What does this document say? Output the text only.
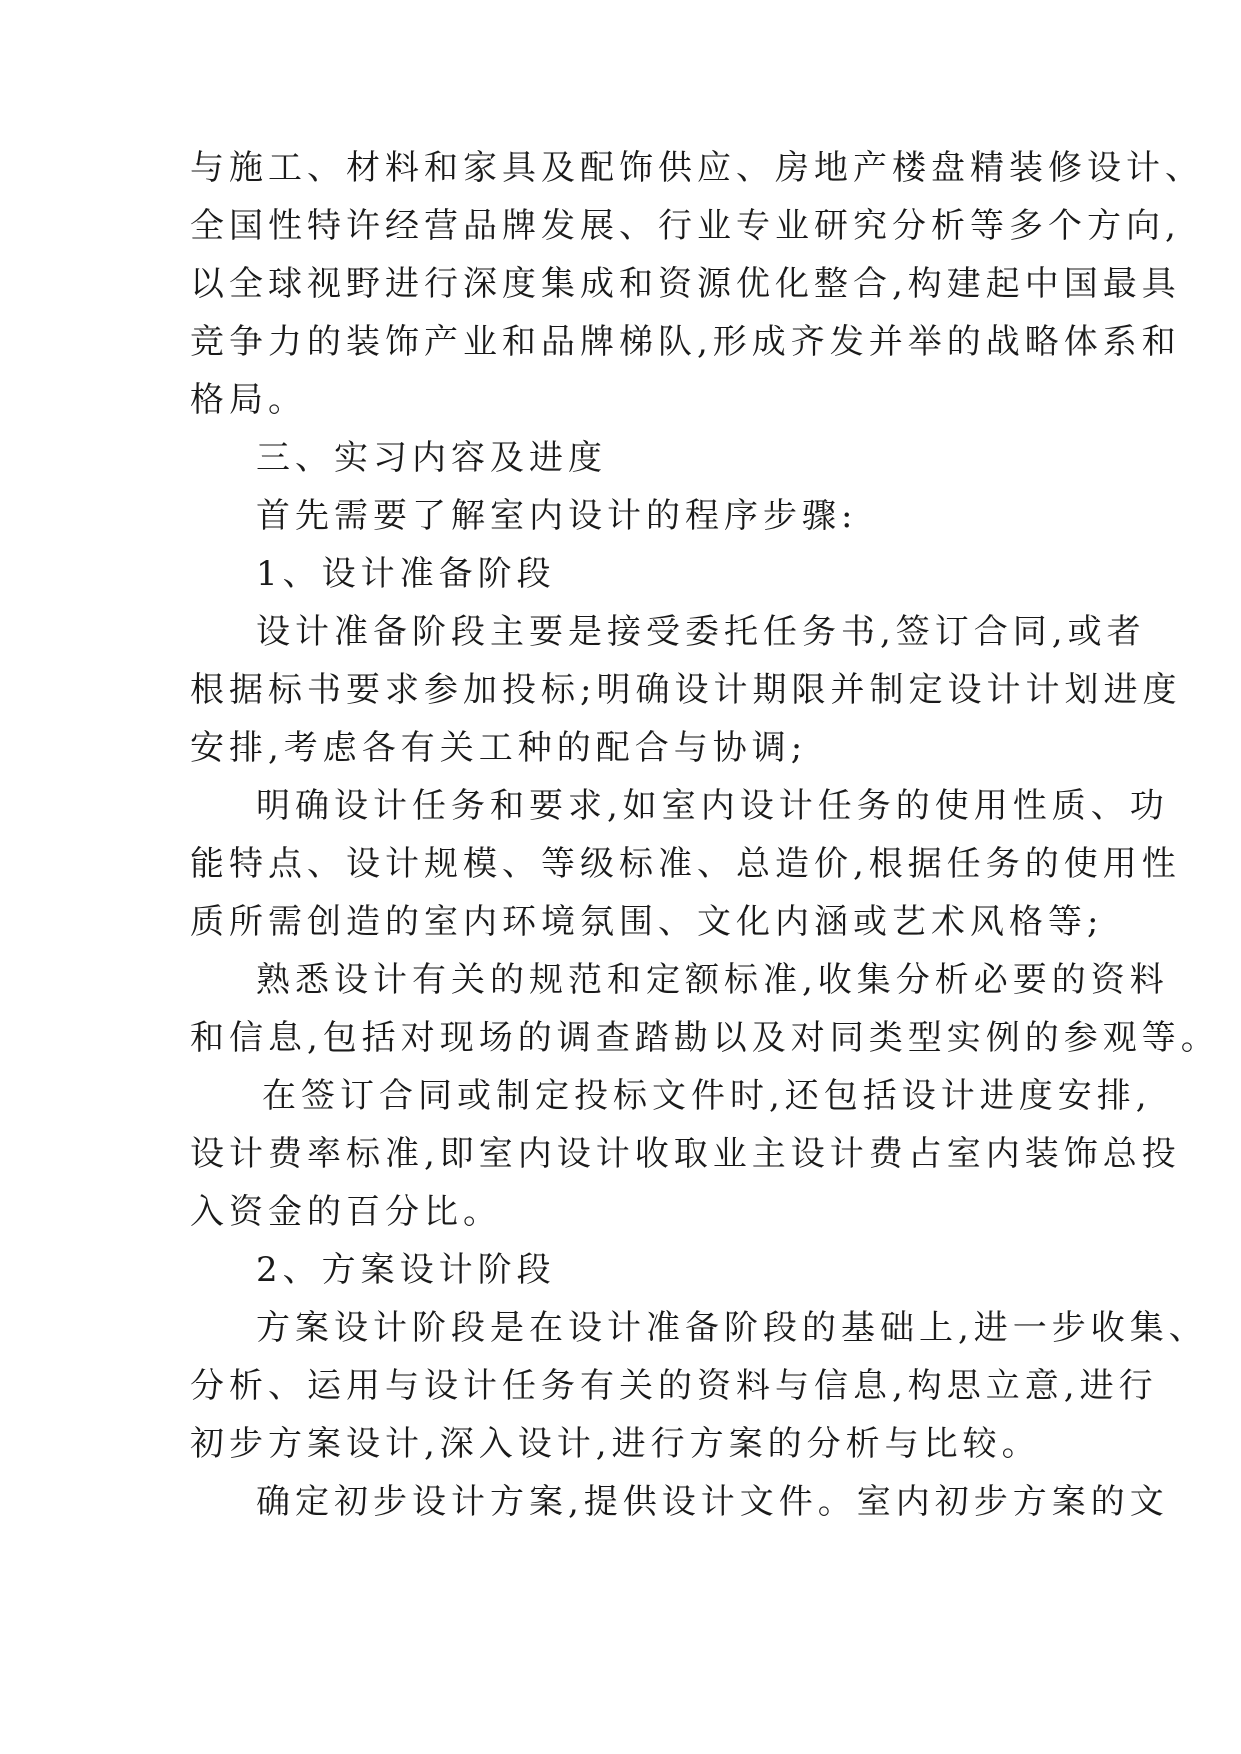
与施工、材料和家具及配饰供应、房地产楼盘精装修设计、
全国性特许经营品牌发展、行业专业研究分析等多个方向,
以全球视野进行深度集成和资源优化整合,构建起中国最具
竞争力的装饰产业和品牌梯队,形成齐发并举的战略体系和
格局。
三、实习内容及进度
首先需要了解室内设计的程序步骤:
1、设计准备阶段
设计准备阶段主要是接受委托任务书,签订合同,或者
根据标书要求参加投标;明确设计期限并制定设计计划进度
安排,考虑各有关工种的配合与协调;
明确设计任务和要求,如室内设计任务的使用性质、功
能特点、设计规模、等级标准、总造价,根据任务的使用性
质所需创造的室内环境氛围、文化内涵或艺术风格等;
熟悉设计有关的规范和定额标准,收集分析必要的资料
和信息,包括对现场的调查踏勘以及对同类型实例的参观等。
在签订合同或制定投标文件时,还包括设计进度安排,
设计费率标准,即室内设计收取业主设计费占室内装饰总投
入资金的百分比。
2、方案设计阶段
方案设计阶段是在设计准备阶段的基础上,进一步收集、
分析、运用与设计任务有关的资料与信息,构思立意,进行
初步方案设计,深入设计,进行方案的分析与比较。
确定初步设计方案,提供设计文件。室内初步方案的文
